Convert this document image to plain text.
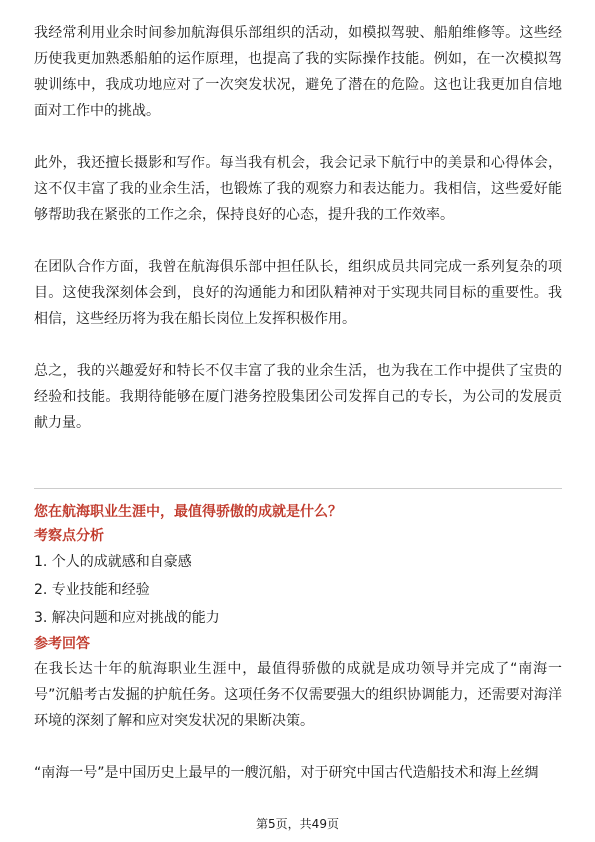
我经常利用业余时间参加航海俱乐部组织的活动，如模拟驾驶、船舶维修等。这些经历使我更加熟悉船舶的运作原理，也提高了我的实际操作技能。例如，在一次模拟驾驶训练中，我成功地应对了一次突发状况，避免了潜在的危险。这也让我更加自信地面对工作中的挑战。

此外，我还擅长摄影和写作。每当我有机会，我会记录下航行中的美景和心得体会，这不仅丰富了我的业余生活，也锻炼了我的观察力和表达能力。我相信，这些爱好能够帮助我在紧张的工作之余，保持良好的心态，提升我的工作效率。

在团队合作方面，我曾在航海俱乐部中担任队长，组织成员共同完成一系列复杂的项目。这使我深刻体会到，良好的沟通能力和团队精神对于实现共同目标的重要性。我相信，这些经历将为我在船长岗位上发挥积极作用。

总之，我的兴趣爱好和特长不仅丰富了我的业余生活，也为我在工作中提供了宝贵的经验和技能。我期待能够在厦门港务控股集团公司发挥自己的专长，为公司的发展贡献力量。

您在航海职业生涯中，最值得骄傲的成就是什么？

考察点分析

1. 个人的成就感和自豪感
2. 专业技能和经验
3. 解决问题和应对挑战的能力

参考回答

在我长达十年的航海职业生涯中，最值得骄傲的成就是成功领导并完成了“南海一号”沉船考古发掘的护航任务。这项任务不仅需要强大的组织协调能力，还需要对海洋环境的深刻了解和应对突发状况的果断决策。

“南海一号”是中国历史上最早的一艘沉船，对于研究中国古代造船技术和海上丝绸

第5页，共49页
